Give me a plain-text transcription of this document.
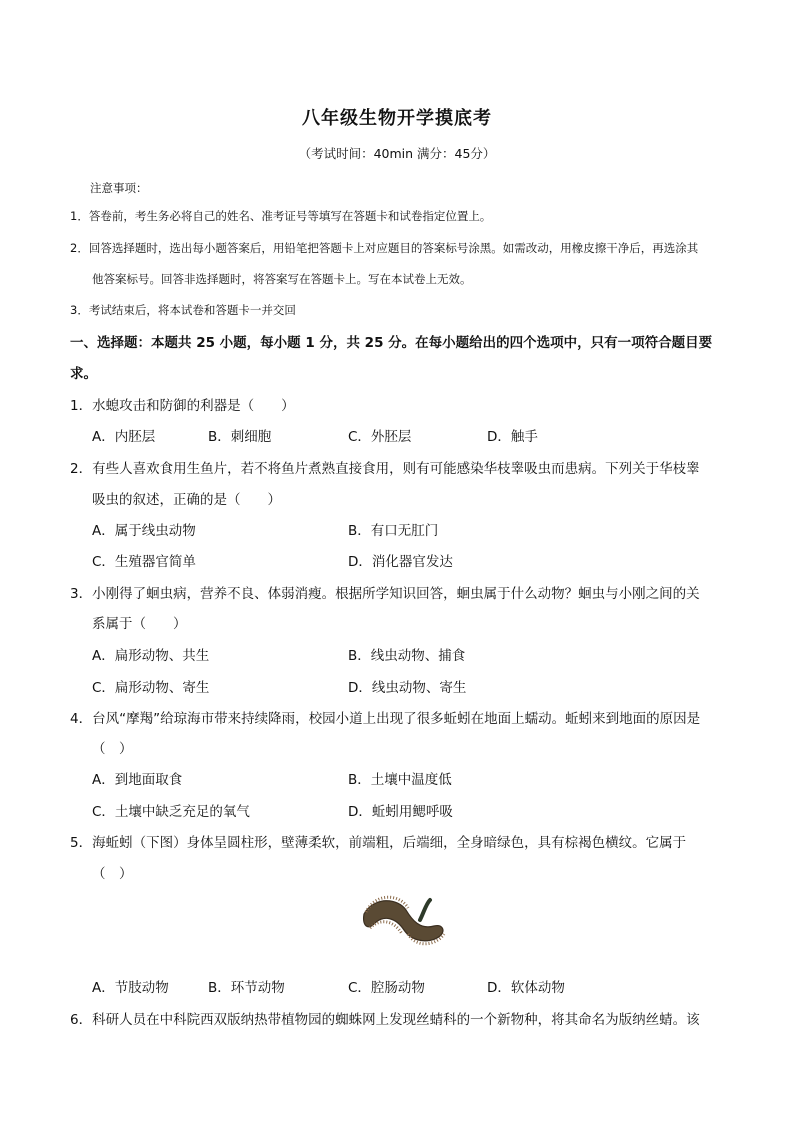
八年级生物开学摸底考
（考试时间：40min 满分：45分）
注意事项：
1．答卷前，考生务必将自己的姓名、准考证号等填写在答题卡和试卷指定位置上。
2．回答选择题时，选出每小题答案后，用铅笔把答题卡上对应题目的答案标号涂黑。如需改动，用橡皮擦干净后，再选涂其
他答案标号。回答非选择题时，将答案写在答题卡上。写在本试卷上无效。
3．考试结束后，将本试卷和答题卡一并交回
一、选择题：本题共 25 小题，每小题 1 分，共 25 分。在每小题给出的四个选项中，只有一项符合题目要
求。
1．水螅攻击和防御的利器是（　　）
A．内胚层	B．刺细胞	C．外胚层	D．触手
2．有些人喜欢食用生鱼片，若不将鱼片煮熟直接食用，则有可能感染华枝睾吸虫而患病。下列关于华枝睾
吸虫的叙述，正确的是（　　）
A．属于线虫动物	B．有口无肛门
C．生殖器官简单	D．消化器官发达
3．小刚得了蛔虫病，营养不良、体弱消瘦。根据所学知识回答，蛔虫属于什么动物？蛔虫与小刚之间的关
系属于（　　）
A．扁形动物、共生	B．线虫动物、捕食
C．扁形动物、寄生	D．线虫动物、寄生
4．台风“摩羯”给琼海市带来持续降雨，校园小道上出现了很多蚯蚓在地面上蠕动。蚯蚓来到地面的原因是
（　）
A．到地面取食	B．土壤中温度低
C．土壤中缺乏充足的氧气	D．蚯蚓用鳃呼吸
5．海蚯蚓（下图）身体呈圆柱形，壁薄柔软，前端粗，后端细，全身暗绿色，具有棕褐色横纹。它属于
（　）
A．节肢动物	B．环节动物	C．腔肠动物	D．软体动物
6．科研人员在中科院西双版纳热带植物园的蜘蛛网上发现丝蜻科的一个新物种，将其命名为版纳丝蜻。该
